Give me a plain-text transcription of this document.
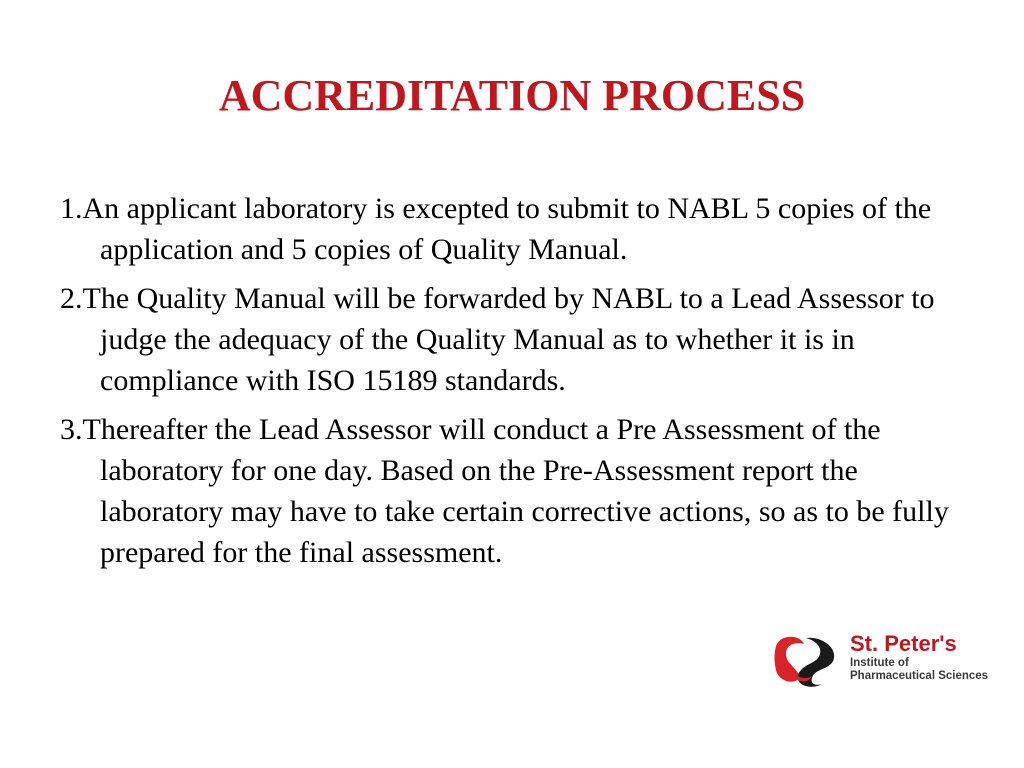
ACCREDITATION PROCESS

1.An applicant laboratory is excepted to submit to NABL 5 copies of the application and 5 copies of Quality Manual.

2.The Quality Manual will be forwarded by NABL to a Lead Assessor to judge the adequacy of the Quality Manual as to whether it is in compliance with ISO 15189 standards.

3.Thereafter the Lead Assessor will conduct a Pre Assessment of the laboratory for one day. Based on the Pre-Assessment report the laboratory may have to take certain corrective actions, so as to be fully prepared for the final assessment.

St. Peter's
Institute of
Pharmaceutical Sciences
